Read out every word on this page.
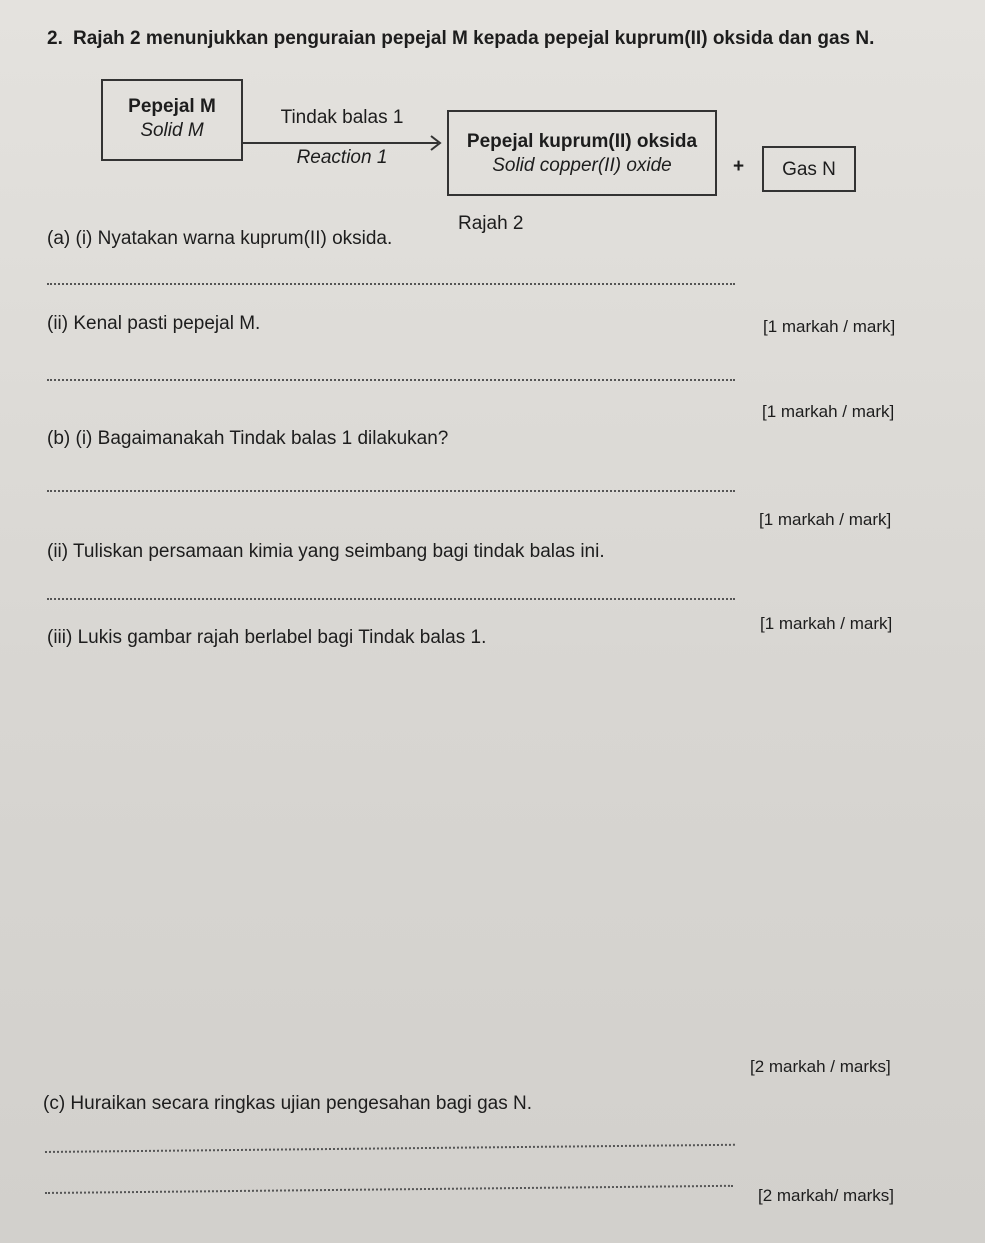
2. Rajah 2 menunjukkan penguraian pepejal M kepada pepejal kuprum(II) oksida dan gas N.
Pepejal M
Solid M
Tindak balas 1
Reaction 1
Pepejal kuprum(II) oksida
Solid copper(II) oxide	+	Gas N
Rajah 2
(a) (i) Nyatakan warna kuprum(II) oksida.
(ii) Kenal pasti pepejal M.	[1 markah / mark]
[1 markah / mark]
(b) (i) Bagaimanakah Tindak balas 1 dilakukan?
[1 markah / mark]
(ii) Tuliskan persamaan kimia yang seimbang bagi tindak balas ini.
(iii) Lukis gambar rajah berlabel bagi Tindak balas 1.
[1 markah / mark]
[2 markah / marks]
(c) Huraikan secara ringkas ujian pengesahan bagi gas N.
[2 markah/ marks]
